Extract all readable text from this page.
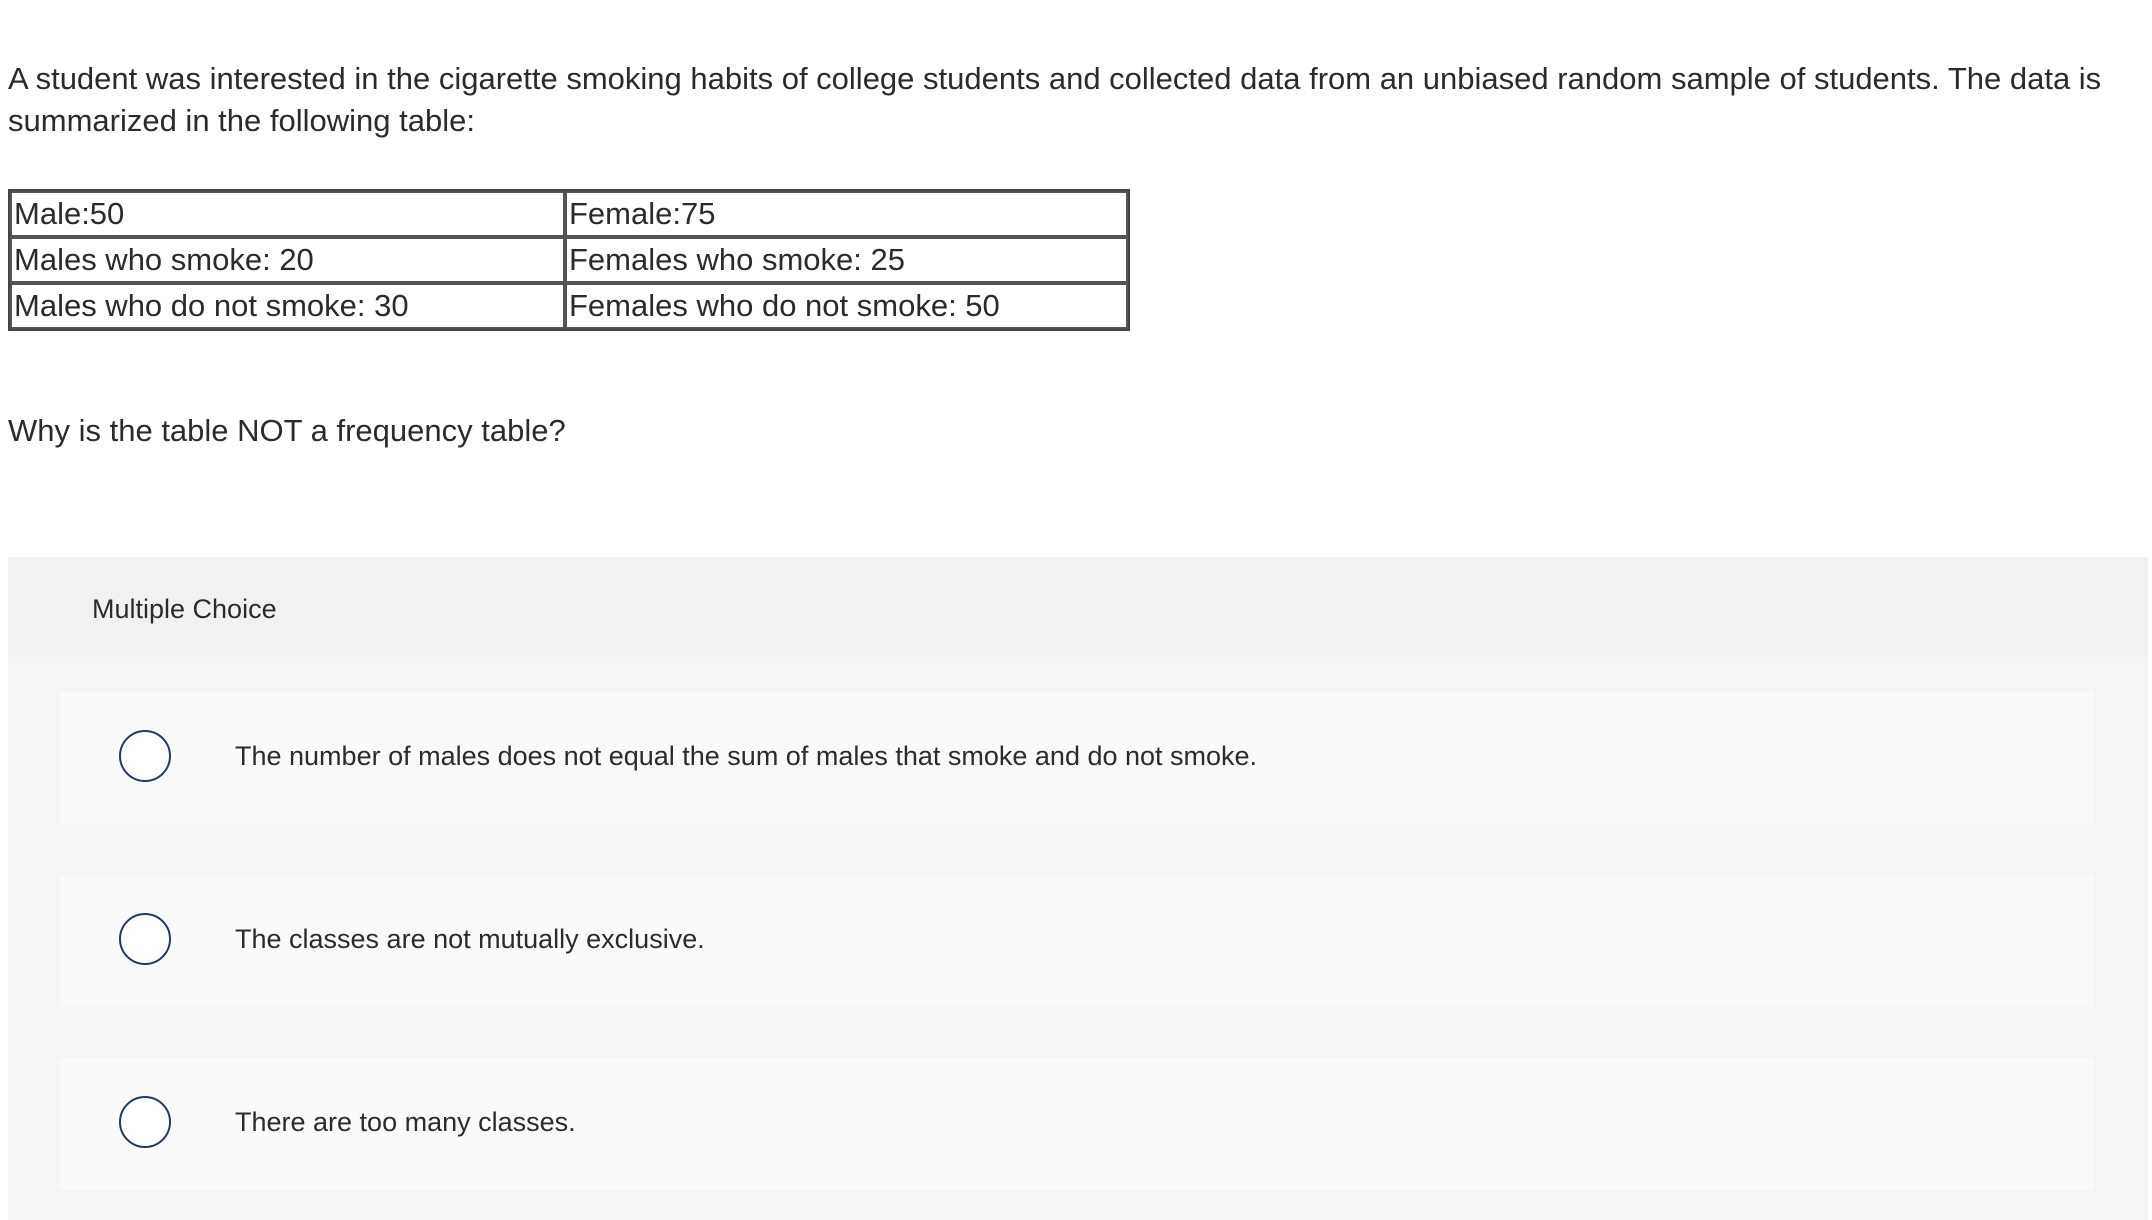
A student was interested in the cigarette smoking habits of college students and collected data from an unbiased random sample of students. The data is summarized in the following table:

Male:50	Female:75
Males who smoke: 20	Females who smoke: 25
Males who do not smoke: 30	Females who do not smoke: 50

Why is the table NOT a frequency table?

Multiple Choice
The number of males does not equal the sum of males that smoke and do not smoke.
The classes are not mutually exclusive.
There are too many classes.
